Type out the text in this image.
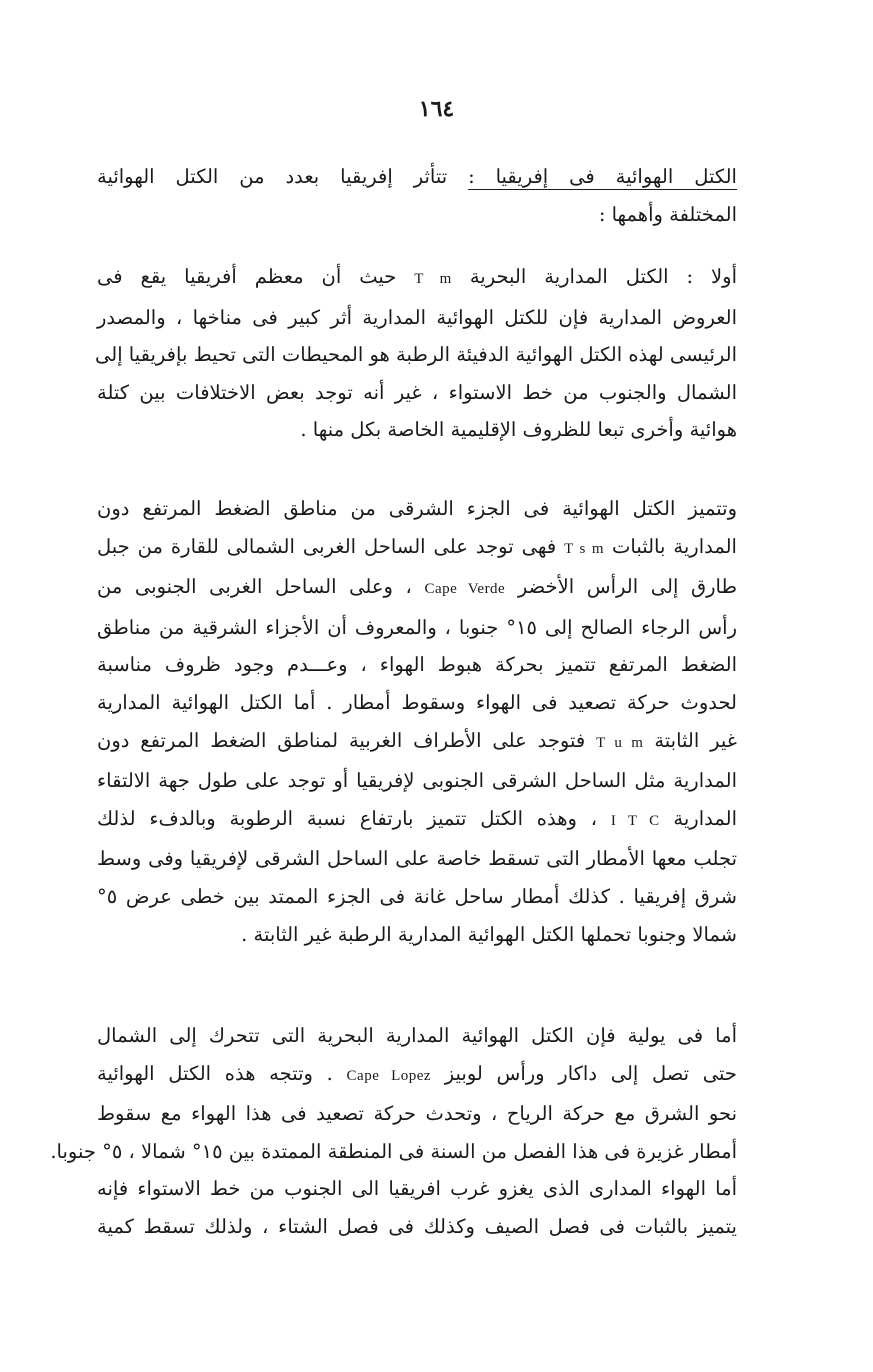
١٦٤
الكتل الهوائية فى إفريقيا : تتأثر إفريقيا بعدد من الكتل الهوائية
المختلفة وأهمها :
أولا : الكتل المدارية البحرية T m حيث أن معظم أفريقيا يقع فى
العروض المدارية فإن للكتل الهوائية المدارية أثر كبير فى مناخها ، والمصدر
الرئيسى لهذه الكتل الهوائية الدفيئة الرطبة هو المحيطات التى تحيط بإفريقيا إلى
الشمال والجنوب من خط الاستواء ، غير أنه توجد بعض الاختلافات بين كتلة
هوائية وأخرى تبعا للظروف الإقليمية الخاصة بكل منها .
وتتميز الكتل الهوائية فى الجزء الشرقى من مناطق الضغط المرتفع دون
المدارية بالثبات T s m فهى توجد على الساحل الغربى الشمالى للقارة من جبل
طارق إلى الرأس الأخضر Cape Verde ، وعلى الساحل الغربى الجنوبى من
رأس الرجاء الصالح إلى ١٥° جنوبا ، والمعروف أن الأجزاء الشرقية من مناطق
الضغط المرتفع تتميز بحركة هبوط الهواء ، وعـــدم وجود ظروف مناسبة
لحدوث حركة تصعيد فى الهواء وسقوط أمطار . أما الكتل الهوائية المدارية
غير الثابتة T u m فتوجد على الأطراف الغربية لمناطق الضغط المرتفع دون
المدارية مثل الساحل الشرقى الجنوبى لإفريقيا أو توجد على طول جهة الالتقاء
المدارية I T C ، وهذه الكتل تتميز بارتفاع نسبة الرطوبة وبالدفء لذلك
تجلب معها الأمطار التى تسقط خاصة على الساحل الشرقى لإفريقيا وفى وسط
شرق إفريقيا . كذلك أمطار ساحل غانة فى الجزء الممتد بين خطى عرض ٥°
شمالا وجنوبا تحملها الكتل الهوائية المدارية الرطبة غير الثابتة .
أما فى يولية فإن الكتل الهوائية المدارية البحرية التى تتحرك إلى الشمال
حتى تصل إلى داكار ورأس لوبيز Cape Lopez . وتتجه هذه الكتل الهوائية
نحو الشرق مع حركة الرياح ، وتحدث حركة تصعيد فى هذا الهواء مع سقوط
أمطار غزيرة فى هذا الفصل من السنة فى المنطقة الممتدة بين ١٥° شمالا ، ٥° جنوبا.
أما الهواء المدارى الذى يغزو غرب افريقيا الى الجنوب من خط الاستواء فإنه
يتميز بالثبات فى فصل الصيف وكذلك فى فصل الشتاء ، ولذلك تسقط كمية
